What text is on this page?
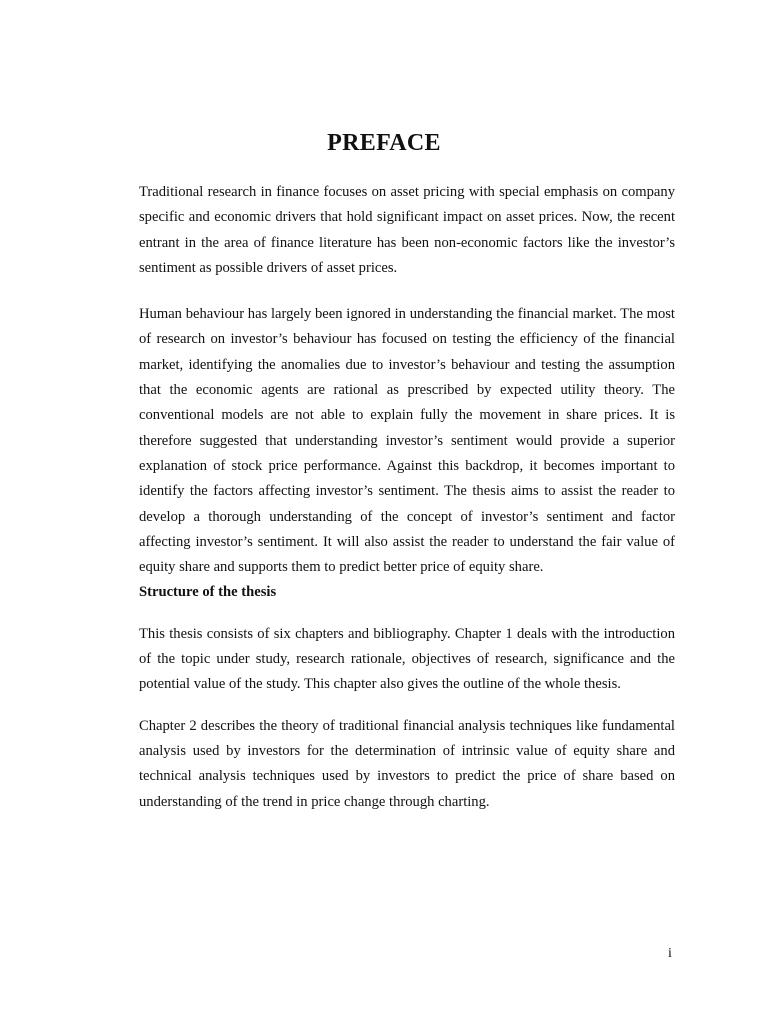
PREFACE

Traditional research in finance focuses on asset pricing with special emphasis on company specific and economic drivers that hold significant impact on asset prices. Now, the recent entrant in the area of finance literature has been non-economic factors like the investor’s sentiment as possible drivers of asset prices.

Human behaviour has largely been ignored in understanding the financial market. The most of research on investor’s behaviour has focused on testing the efficiency of the financial market, identifying the anomalies due to investor’s behaviour and testing the assumption that the economic agents are rational as prescribed by expected utility theory. The conventional models are not able to explain fully the movement in share prices. It is therefore suggested that understanding investor’s sentiment would provide a superior explanation of stock price performance. Against this backdrop, it becomes important to identify the factors affecting investor’s sentiment. The thesis aims to assist the reader to develop a thorough understanding of the concept of investor’s sentiment and factor affecting investor’s sentiment. It will also assist the reader to understand the fair value of equity share and supports them to predict better price of equity share.

Structure of the thesis

This thesis consists of six chapters and bibliography. Chapter 1 deals with the introduction of the topic under study, research rationale, objectives of research, significance and the potential value of the study. This chapter also gives the outline of the whole thesis.

Chapter 2 describes the theory of traditional financial analysis techniques like fundamental analysis used by investors for the determination of intrinsic value of equity share and technical analysis techniques used by investors to predict the price of share based on understanding of the trend in price change through charting.

i
